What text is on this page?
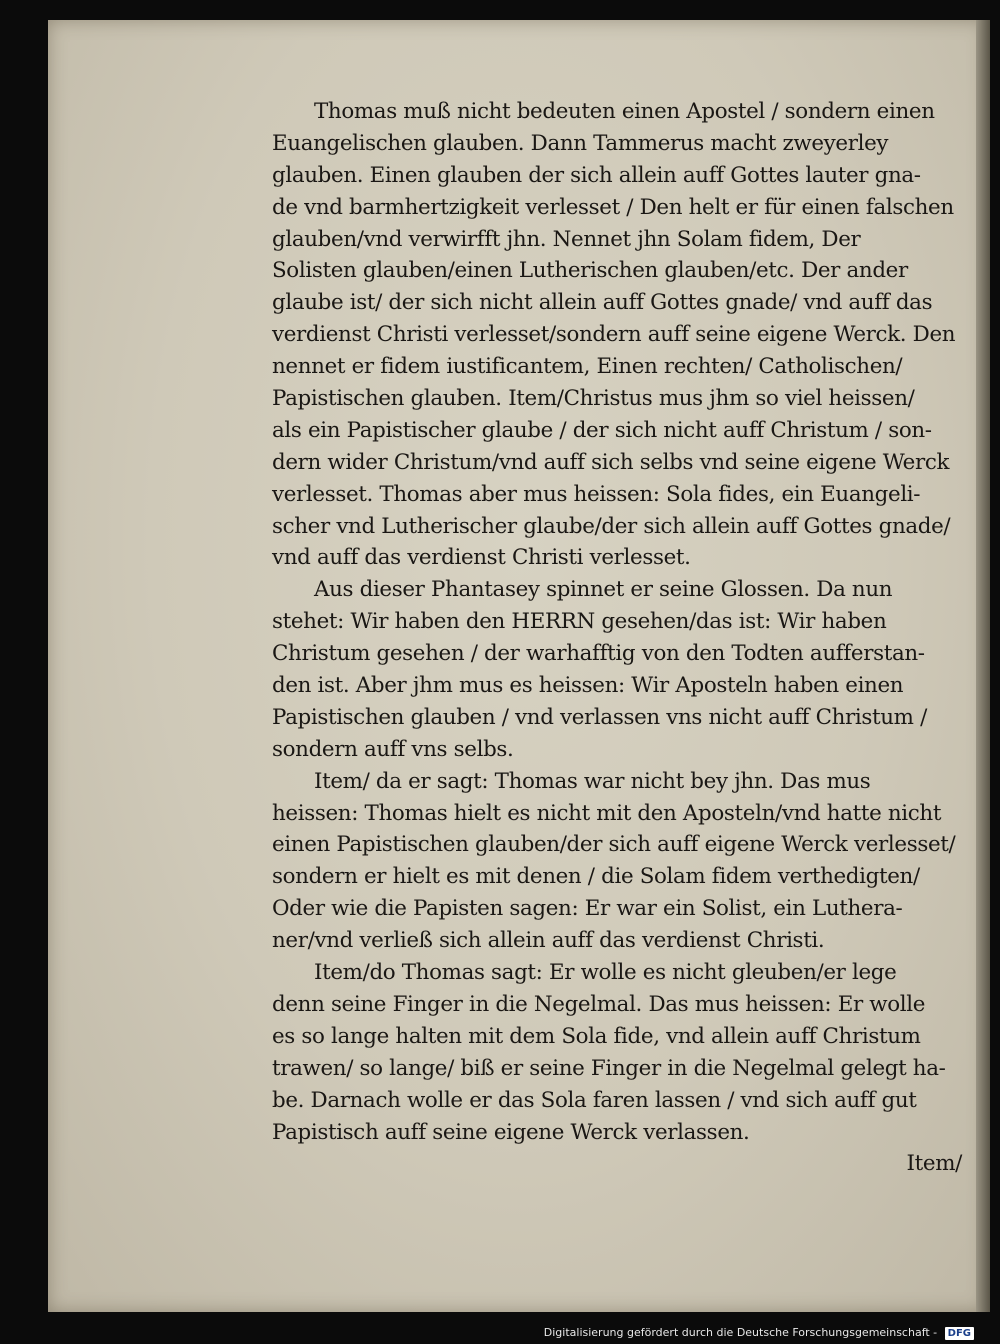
Thomas muß nicht bedeuten einen Apostel / sondern einen
Euangelischen glauben. Dann Tammerus macht zweyerley
glauben. Einen glauben der sich allein auff Gottes lauter gna-
de vnd barmhertzigkeit verlesset / Den helt er für einen falschen
glauben/vnd verwirfft jhn. Nennet jhn Solam fidem, Der
Solisten glauben/einen Lutherischen glauben/etc. Der ander
glaube ist/ der sich nicht allein auff Gottes gnade/ vnd auff das
verdienst Christi verlesset/sondern auff seine eigene Werck. Den
nennet er fidem iustificantem, Einen rechten/ Catholischen/
Papistischen glauben. Item/Christus mus jhm so viel heissen/
als ein Papistischer glaube / der sich nicht auff Christum / son-
dern wider Christum/vnd auff sich selbs vnd seine eigene Werck
verlesset. Thomas aber mus heissen: Sola fides, ein Euangeli-
scher vnd Lutherischer glaube/der sich allein auff Gottes gnade/
vnd auff das verdienst Christi verlesset.
Aus dieser Phantasey spinnet er seine Glossen. Da nun
stehet: Wir haben den HERRN gesehen/das ist: Wir haben
Christum gesehen / der warhafftig von den Todten aufferstan-
den ist. Aber jhm mus es heissen: Wir Aposteln haben einen
Papistischen glauben / vnd verlassen vns nicht auff Christum /
sondern auff vns selbs.
Item/ da er sagt: Thomas war nicht bey jhn. Das mus
heissen: Thomas hielt es nicht mit den Aposteln/vnd hatte nicht
einen Papistischen glauben/der sich auff eigene Werck verlesset/
sondern er hielt es mit denen / die Solam fidem verthedigten/
Oder wie die Papisten sagen: Er war ein Solist, ein Luthera-
ner/vnd verließ sich allein auff das verdienst Christi.
Item/do Thomas sagt: Er wolle es nicht gleuben/er lege
denn seine Finger in die Negelmal. Das mus heissen: Er wolle
es so lange halten mit dem Sola fide, vnd allein auff Christum
trawen/ so lange/ biß er seine Finger in die Negelmal gelegt ha-
be. Darnach wolle er das Sola faren lassen / vnd sich auff gut
Papistisch auff seine eigene Werck verlassen.
Item/
Digitalisierung gefördert durch die Deutsche Forschungsgemeinschaft - DFG
